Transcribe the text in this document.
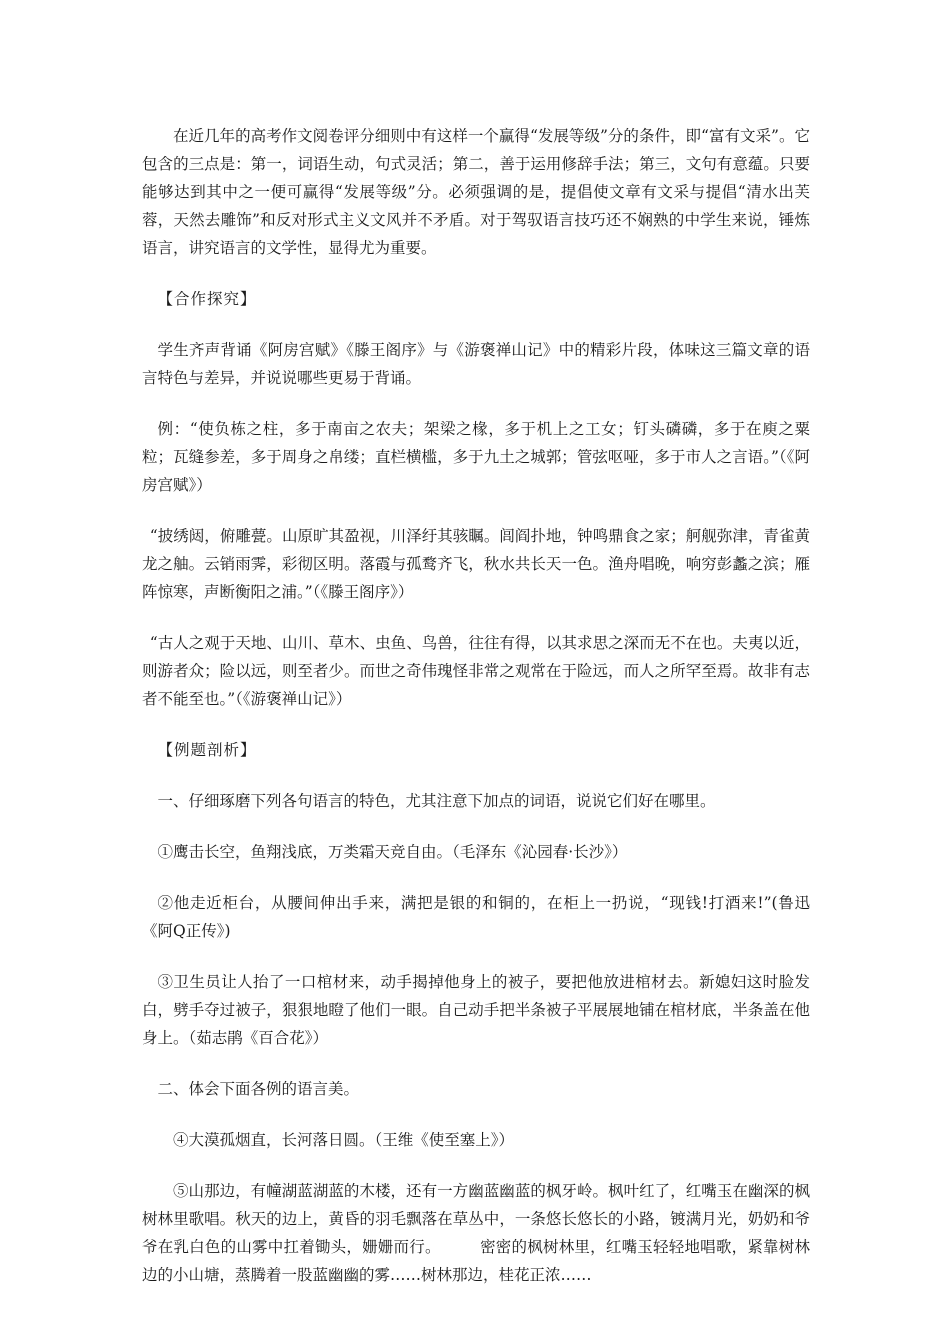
在近几年的高考作文阅卷评分细则中有这样一个赢得“发展等级”分的条件，即“富有文采”。它包含的三点是：第一，词语生动，句式灵活；第二，善于运用修辞手法；第三，文句有意蕴。只要能够达到其中之一便可赢得“发展等级”分。必须强调的是，提倡使文章有文采与提倡“清水出芙蓉，天然去雕饰”和反对形式主义文风并不矛盾。对于驾驭语言技巧还不娴熟的中学生来说，锤炼语言，讲究语言的文学性，显得尤为重要。

【合作探究】

学生齐声背诵《阿房宫赋》《滕王阁序》与《游褒禅山记》中的精彩片段，体味这三篇文章的语言特色与差异，并说说哪些更易于背诵。

例：“使负栋之柱，多于南亩之农夫；架梁之椽，多于机上之工女；钉头磷磷，多于在庾之粟粒；瓦缝参差，多于周身之帛缕；直栏横槛，多于九土之城郭；管弦呕哑，多于市人之言语。”（《阿房宫赋》）

“披绣闼，俯雕甍。山原旷其盈视，川泽纡其骇瞩。闾阎扑地，钟鸣鼎食之家；舸舰弥津，青雀黄龙之舳。云销雨霁，彩彻区明。落霞与孤鹜齐飞，秋水共长天一色。渔舟唱晚，响穷彭蠡之滨；雁阵惊寒，声断衡阳之浦。”（《滕王阁序》）

“古人之观于天地、山川、草木、虫鱼、鸟兽，往往有得，以其求思之深而无不在也。夫夷以近，则游者众；险以远，则至者少。而世之奇伟瑰怪非常之观常在于险远，而人之所罕至焉。故非有志者不能至也。”（《游褒禅山记》）

【例题剖析】

一、仔细琢磨下列各句语言的特色，尤其注意下加点的词语，说说它们好在哪里。

①鹰击长空，鱼翔浅底，万类霜天竞自由。（毛泽东《沁园春·长沙》）

②他走近柜台，从腰间伸出手来，满把是银的和铜的，在柜上一扔说，“现钱!打酒来!”(鲁迅《阿Q正传》)

③卫生员让人抬了一口棺材来，动手揭掉他身上的被子，要把他放进棺材去。新媳妇这时脸发白，劈手夺过被子，狠狠地瞪了他们一眼。自己动手把半条被子平展展地铺在棺材底，半条盖在他身上。（茹志鹃《百合花》）

二、体会下面各例的语言美。

④大漠孤烟直，长河落日圆。（王维《使至塞上》）

⑤山那边，有幢湖蓝湖蓝的木楼，还有一方幽蓝幽蓝的枫牙岭。枫叶红了，红嘴玉在幽深的枫树林里歌唱。秋天的边上，黄昏的羽毛飘落在草丛中，一条悠长悠长的小路，镀满月光，奶奶和爷爷在乳白色的山雾中扛着锄头，姗姗而行。　　　密密的枫树林里，红嘴玉轻轻地唱歌，紧靠树林边的小山塘，蒸腾着一股蓝幽幽的雾……树林那边，桂花正浓……
